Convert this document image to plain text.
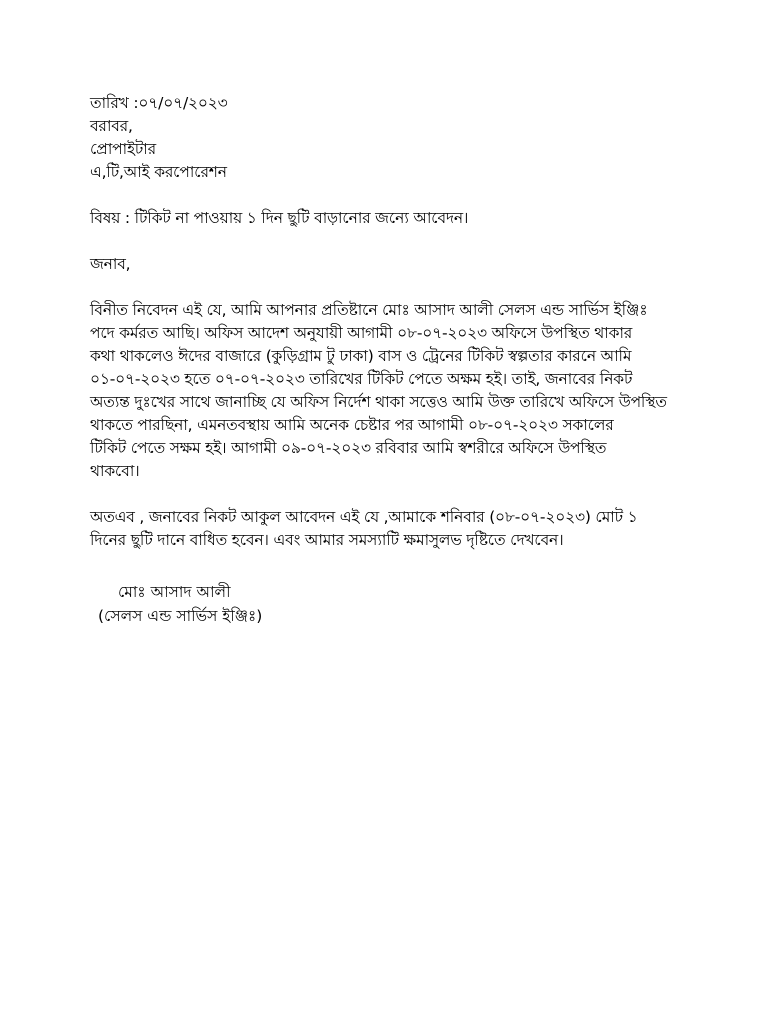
তারিখ :০৭/০৭/২০২৩
বরাবর,
প্রোপাইটার
এ,টি,আই করপোরেশন
বিষয় : টিকিট না পাওয়ায় ১ দিন ছুটি বাড়ানোর জন্যে আবেদন।
জনাব,
বিনীত নিবেদন এই যে, আমি আপনার প্রতিষ্টানে মোঃ আসাদ আলী সেলস এন্ড সার্ভিস ইঞ্জিঃ
পদে কর্মরত আছি। অফিস আদেশ অনুযায়ী আগামী ০৮-০৭-২০২৩ অফিসে উপস্থিত থাকার
কথা থাকলেও ঈদের বাজারে (কুড়িগ্রাম টু ঢাকা) বাস ও ট্রেনের টিকিট স্বল্পতার কারনে আমি
০১-০৭-২০২৩ হতে ০৭-০৭-২০২৩ তারিখের টিকিট পেতে অক্ষম হই। তাই, জনাবের নিকট
অত্যন্ত দুঃখের সাথে জানাচ্ছি যে অফিস নির্দেশ থাকা সত্তেও আমি উক্ত তারিখে অফিসে উপস্থিত
থাকতে পারছিনা, এমনতবস্থায় আমি অনেক চেষ্টার পর আগামী ০৮-০৭-২০২৩ সকালের
টিকিট পেতে সক্ষম হই। আগামী ০৯-০৭-২০২৩ রবিবার আমি স্বশরীরে অফিসে উপস্থিত
থাকবো।
অতএব , জনাবের নিকট আকুল আবেদন এই যে ,আমাকে শনিবার (০৮-০৭-২০২৩) মোট ১
দিনের ছুটি দানে বাধিত হবেন। এবং আমার সমস্যাটি ক্ষমাসুলভ দৃষ্টিতে দেখবেন।
মোঃ আসাদ আলী
(সেলস এন্ড সার্ভিস ইঞ্জিঃ)
